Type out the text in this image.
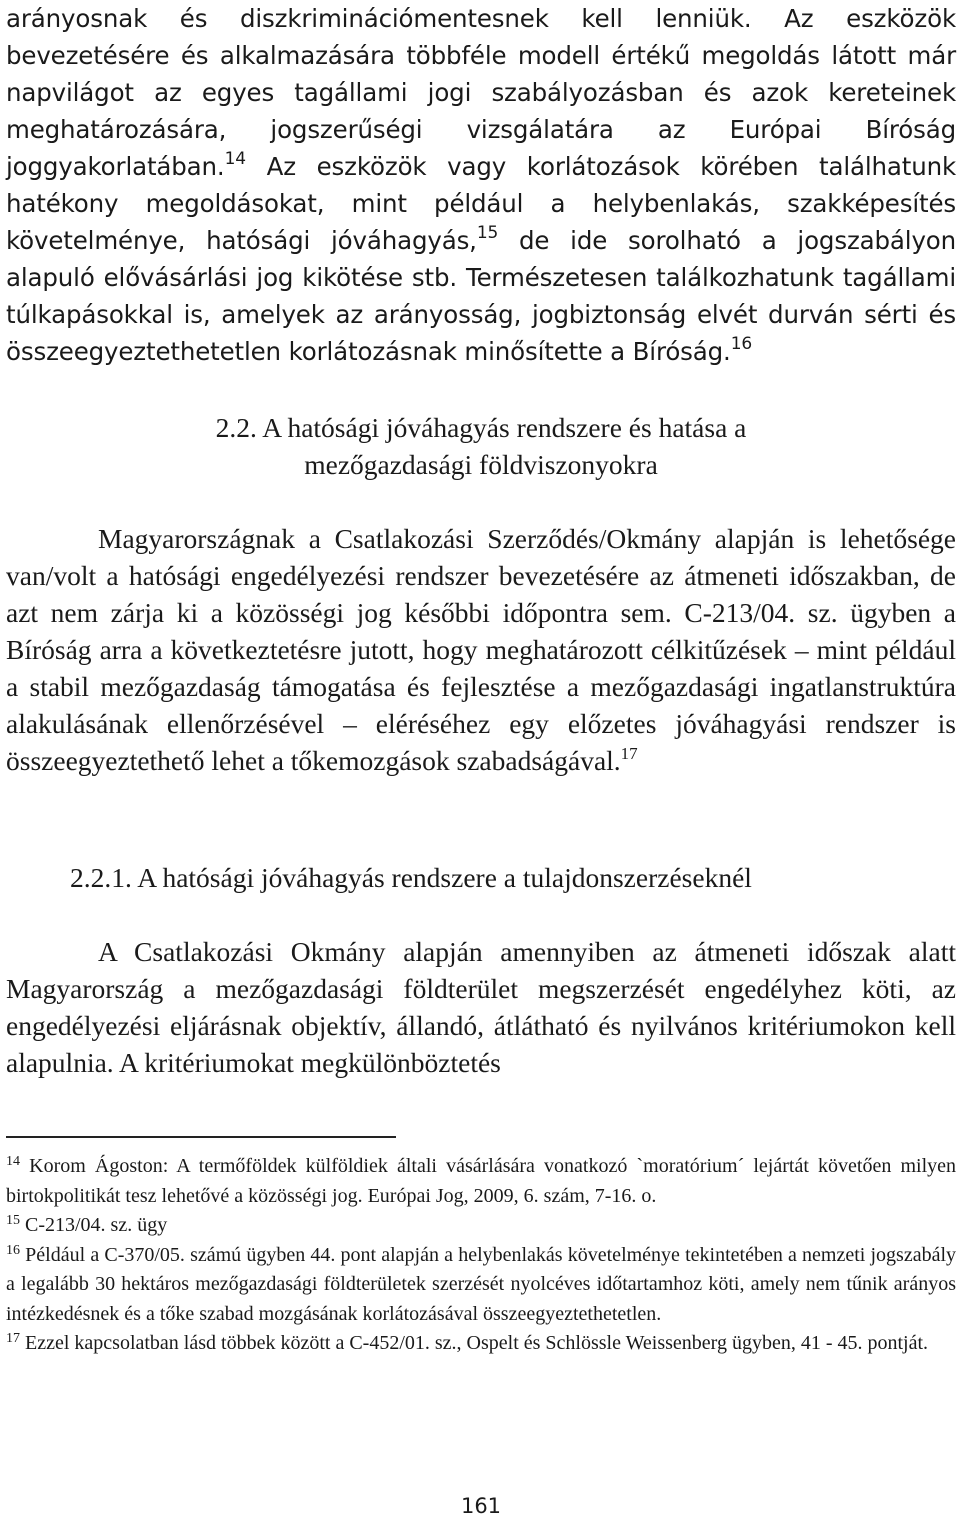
arányosnak és diszkriminációmentesnek kell lenniük. Az eszközök bevezetésére és alkalmazására többféle modell értékű megoldás látott már napvilágot az egyes tagállami jogi szabályozásban és azok kereteinek meghatározására, jogszerűségi vizsgálatára az Európai Bíróság joggyakorlatában.$^{14}$ Az eszközök vagy korlátozások körében találhatunk hatékony megoldásokat, mint például a helybenlakás, szakképesítés követelménye, hatósági jóváhagyás,$^{15}$ de ide sorolható a jogszabályon alapuló elővásárlási jog kikötése stb. Természetesen találkozhatunk tagállami túlkapásokkal is, amelyek az arányosság, jogbiztonság elvét durván sérti és összeegyeztethetetlen korlátozásnak minősítette a Bíróság.$^{16}$

2.2. A hatósági jóváhagyás rendszere és hatása a mezőgazdasági földviszonyokra

Magyarországnak a Csatlakozási Szerződés/Okmány alapján is lehetősége van/volt a hatósági engedélyezési rendszer bevezetésére az átmeneti időszakban, de azt nem zárja ki a közösségi jog későbbi időpontra sem. C-213/04. sz. ügyben a Bíróság arra a következtetésre jutott, hogy meghatározott célkitűzések – mint például a stabil mezőgazdaság támogatása és fejlesztése a mezőgazdasági ingatlanstruktúra alakulásának ellenőrzésével – eléréséhez egy előzetes jóváhagyási rendszer is összeegyeztethető lehet a tőkemozgások szabadságával.$^{17}$

2.2.1. A hatósági jóváhagyás rendszere a tulajdonszerzéseknél

A Csatlakozási Okmány alapján amennyiben az átmeneti időszak alatt Magyarország a mezőgazdasági földterület megszerzését engedélyhez köti, az engedélyezési eljárásnak objektív, állandó, átlátható és nyilvános kritériumokon kell alapulnia. A kritériumokat megkülönböztetés

$^{14}$ Korom Ágoston: A termőföldek külföldiek általi vásárlására vonatkozó `moratórium´ lejártát követően milyen birtokpolitikát tesz lehetővé a közösségi jog. Európai Jog, 2009, 6. szám, 7-16. o.

$^{15}$ C-213/04. sz. ügy

$^{16}$ Például a C-370/05. számú ügyben 44. pont alapján a helybenlakás követelménye tekintetében a nemzeti jogszabály a legalább 30 hektáros mezőgazdasági földterületek szerzését nyolcéves időtartamhoz köti, amely nem tűnik arányos intézkedésnek és a tőke szabad mozgásának korlátozásával összeegyeztethetetlen.

$^{17}$ Ezzel kapcsolatban lásd többek között a C-452/01. sz., Ospelt és Schlössle Weissenberg ügyben, 41 - 45. pontját.

161
